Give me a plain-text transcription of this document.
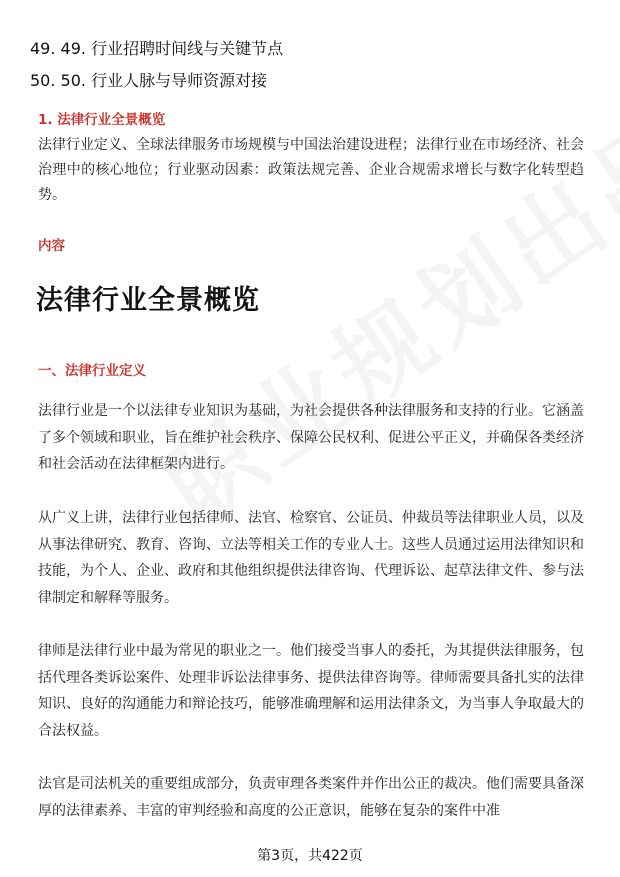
49. 49. 行业招聘时间线与关键节点
50. 50. 行业人脉与导师资源对接
1. 法律行业全景概览
法律行业定义、全球法律服务市场规模与中国法治建设进程；法律行业在市场经济、社会治理中的核心地位；行业驱动因素：政策法规完善、企业合规需求增长与数字化转型趋势。
内容
法律行业全景概览
一、法律行业定义
法律行业是一个以法律专业知识为基础，为社会提供各种法律服务和支持的行业。它涵盖了多个领域和职业，旨在维护社会秩序、保障公民权利、促进公平正义，并确保各类经济和社会活动在法律框架内进行。
从广义上讲，法律行业包括律师、法官、检察官、公证员、仲裁员等法律职业人员，以及从事法律研究、教育、咨询、立法等相关工作的专业人士。这些人员通过运用法律知识和技能，为个人、企业、政府和其他组织提供法律咨询、代理诉讼、起草法律文件、参与法律制定和解释等服务。
律师是法律行业中最为常见的职业之一。他们接受当事人的委托，为其提供法律服务，包括代理各类诉讼案件、处理非诉讼法律事务、提供法律咨询等。律师需要具备扎实的法律知识、良好的沟通能力和辩论技巧，能够准确理解和运用法律条文，为当事人争取最大的合法权益。
法官是司法机关的重要组成部分，负责审理各类案件并作出公正的裁决。他们需要具备深厚的法律素养、丰富的审判经验和高度的公正意识，能够在复杂的案件中准
第3页，共422页
